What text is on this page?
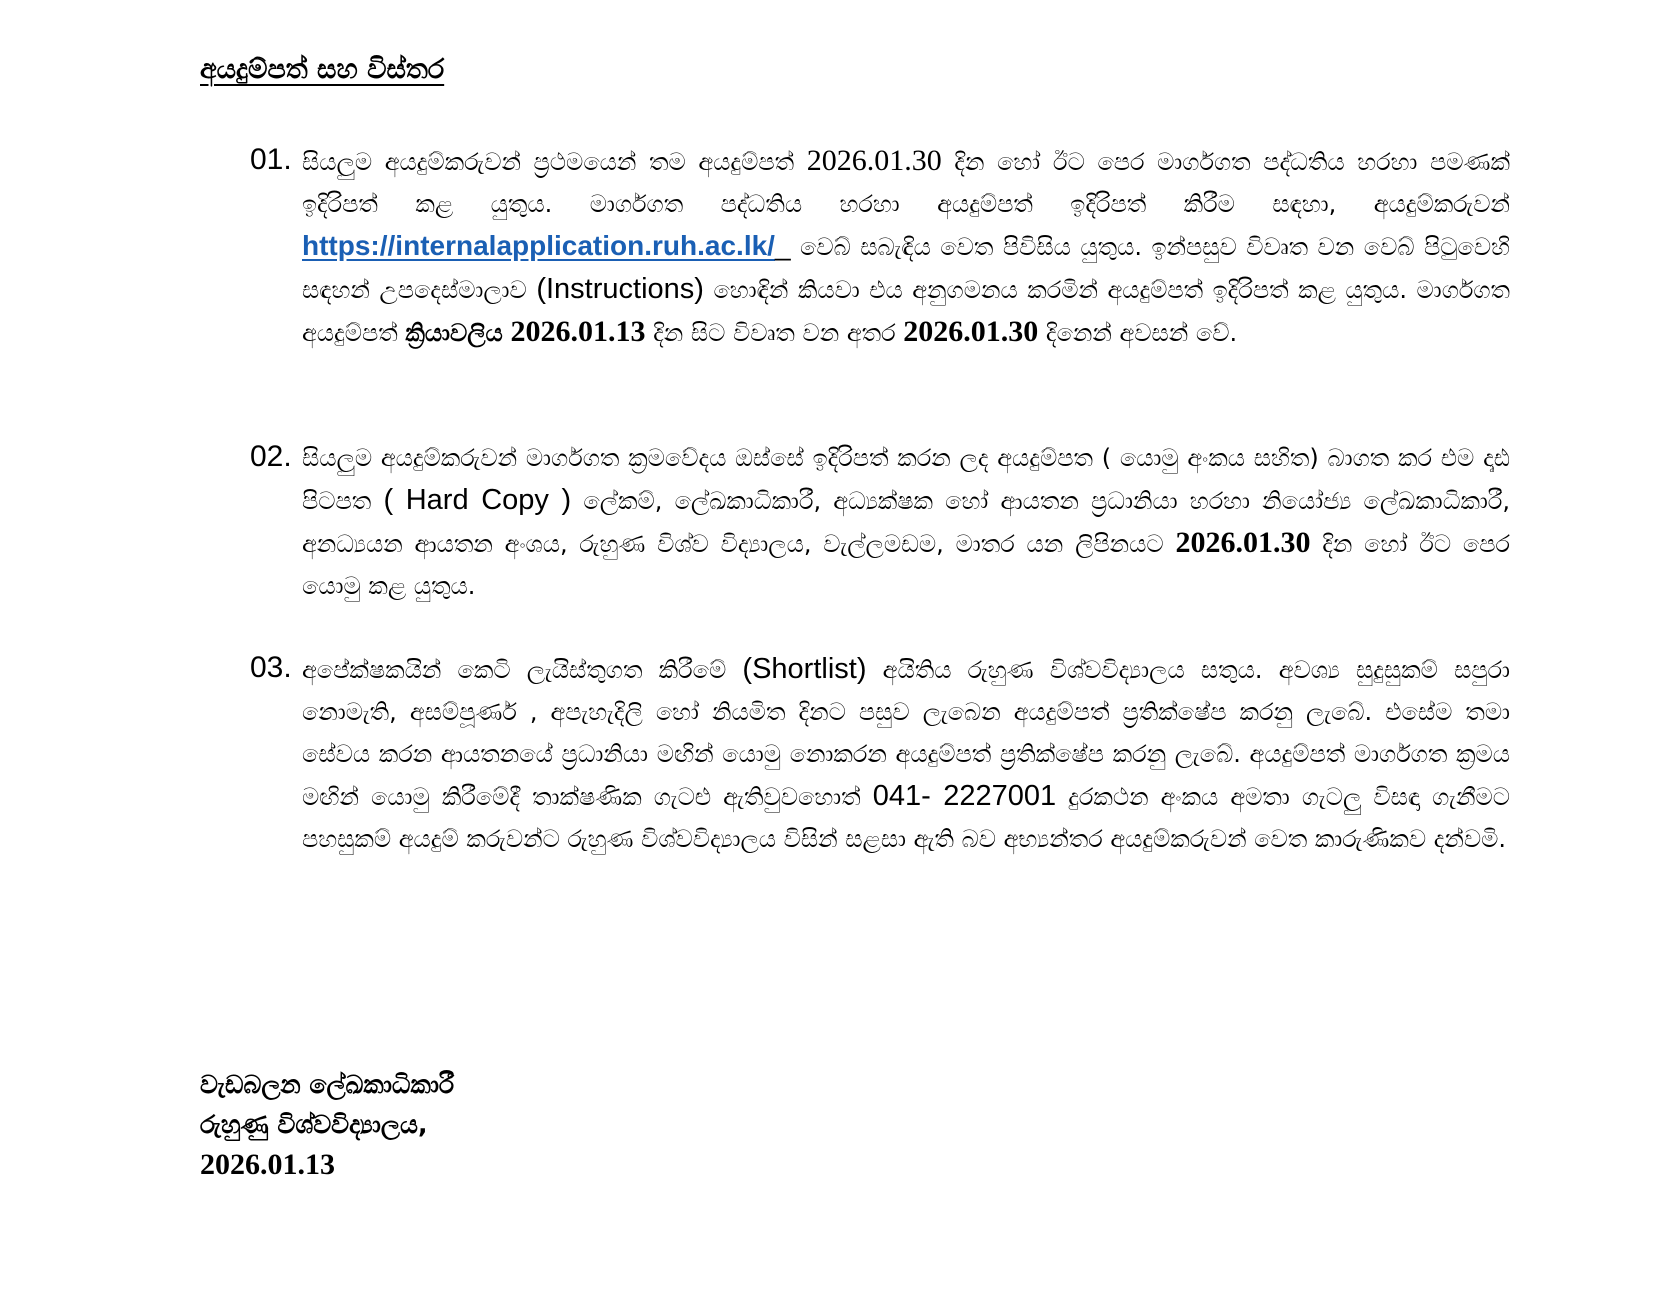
අයදුම්පත් සහ විස්තර
01. සියලුම අයදුම්කරුවන් ප්‍රථමයෙන් තම අයදුම්පත් 2026.01.30 දින හෝ ඊට පෙර මාර්ගගත පද්ධතිය හරහා පමණක් ඉදිරිපත් කළ යුතුය. මාර්ගගත පද්ධතිය හරහා අයදුම්පත් ඉදිරිපත් කිරීම සඳහා, අයදුම්කරුවන් https://internalapplication.ruh.ac.lk/_ වෙබ් සබැඳිය වෙත පිවිසිය යුතුය. ඉන්පසුව විවෘත වන වෙබ් පිටුවෙහි සඳහන් උපදෙස්මාලාව (Instructions) හොඳින් කියවා එය අනුගමනය කරමින් අයදුම්පත් ඉදිරිපත් කළ යුතුය. මාර්ගගත අයදුම්පත් ක්‍රියාවලිය 2026.01.13 දින සිට විවෘත වන අතර 2026.01.30 දිනෙන් අවසන් වේ.
02. සියලුම අයදුම්කරුවන් මාර්ගගත ක්‍රමවේදය ඔස්සේ ඉදිරිපත් කරන ලද අයදුම්පත ( යොමු අංකය සහිත) බාගත කර එම දෘඪ පිටපත ( Hard Copy ) ලේකම්, ලේඛකාධිකාරී, අධ්‍යක්ෂක හෝ ආයතන ප්‍රධානියා හරහා නියෝජ්‍ය ලේඛකාධිකාරී, අනධ්‍යයන ආයතන අංශය, රුහුණ විශ්ව විද්‍යාලය, වැල්ලමඩම, මාතර යන ලිපිනයට 2026.01.30 දින හෝ ඊට පෙර යොමු කළ යුතුය.
03. අපේක්ෂකයින් කෙටි ලැයිස්තුගත කිරීමේ (Shortlist) අයිතිය රුහුණ විශ්වවිද්‍යාලය සතුය. අවශ්‍ය සුදුසුකම් සපුරා නොමැති, අසම්පූර්ණ , අපැහැදිලි හෝ නියමිත දිනට පසුව ලැබෙන අයදුම්පත් ප්‍රතික්ෂේප කරනු ලැබේ. එසේම තමා සේවය කරන ආයතනයේ ප්‍රධානියා මඟින් යොමු නොකරන අයදුම්පත් ප්‍රතික්ෂේප කරනු ලැබේ. අයදුම්පත් මාර්ගගත ක්‍රමය මඟින් යොමු කිරීමේදී තාක්ෂණික ගැටළු ඇතිවුවහොත් 041- 2227001 දුරකථන අංකය අමතා ගැටලු විසඳා ගැනීමට පහසුකම් අයදුම් කරුවන්ට රුහුණ විශ්වවිද්‍යාලය විසින් සළසා ඇති බව අභ්‍යන්තර අයදුම්කරුවන් වෙත කාරුණිකව දන්වමි.
වැඩබලන ලේඛකාධිකාරී
රුහුණු විශ්වවිද්‍යාලය,
2026.01.13
